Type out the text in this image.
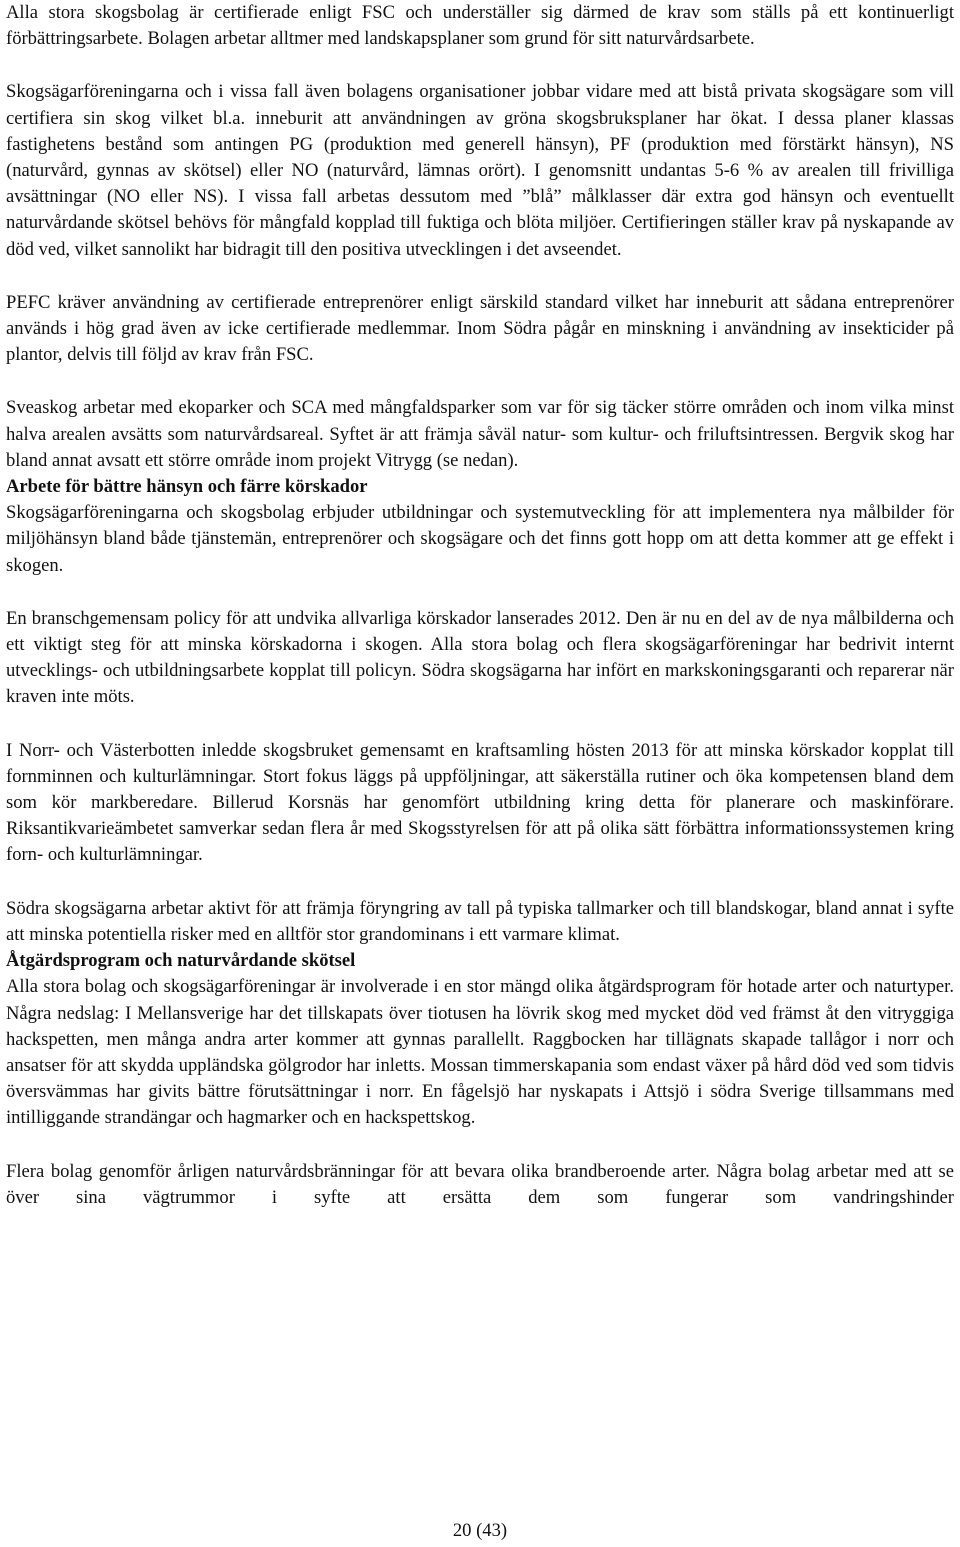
Alla stora skogsbolag är certifierade enligt FSC och underställer sig därmed de krav som ställs på ett kontinuerligt förbättringsarbete. Bolagen arbetar alltmer med landskapsplaner som grund för sitt naturvårdsarbete.

Skogsägarföreningarna och i vissa fall även bolagens organisationer jobbar vidare med att bistå privata skogsägare som vill certifiera sin skog vilket bl.a. inneburit att användningen av gröna skogsbruksplaner har ökat. I dessa planer klassas fastighetens bestånd som antingen PG (produktion med generell hänsyn), PF (produktion med förstärkt hänsyn), NS (naturvård, gynnas av skötsel) eller NO (naturvård, lämnas orört). I genomsnitt undantas 5-6 % av arealen till frivilliga avsättningar (NO eller NS). I vissa fall arbetas dessutom med ”blå” målklasser där extra god hänsyn och eventuellt naturvårdande skötsel behövs för mångfald kopplad till fuktiga och blöta miljöer. Certifieringen ställer krav på nyskapande av död ved, vilket sannolikt har bidragit till den positiva utvecklingen i det avseendet.

PEFC kräver användning av certifierade entreprenörer enligt särskild standard vilket har inneburit att sådana entreprenörer används i hög grad även av icke certifierade medlemmar. Inom Södra pågår en minskning i användning av insekticider på plantor, delvis till följd av krav från FSC.

Sveaskog arbetar med ekoparker och SCA med mångfaldsparker som var för sig täcker större områden och inom vilka minst halva arealen avsätts som naturvårdsareal. Syftet är att främja såväl natur- som kultur- och friluftsintressen. Bergvik skog har bland annat avsatt ett större område inom projekt Vitrygg (se nedan).

Arbete för bättre hänsyn och färre körskador

Skogsägarföreningarna och skogsbolag erbjuder utbildningar och systemutveckling för att implementera nya målbilder för miljöhänsyn bland både tjänstemän, entreprenörer och skogsägare och det finns gott hopp om att detta kommer att ge effekt i skogen.

En branschgemensam policy för att undvika allvarliga körskador lanserades 2012. Den är nu en del av de nya målbilderna och ett viktigt steg för att minska körskadorna i skogen. Alla stora bolag och flera skogsägarföreningar har bedrivit internt utvecklings- och utbildningsarbete kopplat till policyn. Södra skogsägarna har infört en markskoningsgaranti och reparerar när kraven inte möts.

I Norr- och Västerbotten inledde skogsbruket gemensamt en kraftsamling hösten 2013 för att minska körskador kopplat till fornminnen och kulturlämningar. Stort fokus läggs på uppföljningar, att säkerställa rutiner och öka kompetensen bland dem som kör markberedare. Billerud Korsnäs har genomfört utbildning kring detta för planerare och maskinförare. Riksantikvarieämbetet samverkar sedan flera år med Skogsstyrelsen för att på olika sätt förbättra informationssystemen kring forn- och kulturlämningar.

Södra skogsägarna arbetar aktivt för att främja föryngring av tall på typiska tallmarker och till blandskogar, bland annat i syfte att minska potentiella risker med en alltför stor grandominans i ett varmare klimat.

Åtgärdsprogram och naturvårdande skötsel

Alla stora bolag och skogsägarföreningar är involverade i en stor mängd olika åtgärdsprogram för hotade arter och naturtyper. Några nedslag: I Mellansverige har det tillskapats över tiotusen ha lövrik skog med mycket död ved främst åt den vitryggiga hackspetten, men många andra arter kommer att gynnas parallellt. Raggbocken har tillägnats skapade tallågor i norr och ansatser för att skydda uppländska gölgrodor har inletts. Mossan timmerskapania som endast växer på hård död ved som tidvis översvämmas har givits bättre förutsättningar i norr. En fågelsjö har nyskapats i Attsjö i södra Sverige tillsammans med intilliggande strandängar och hagmarker och en hackspettskog.

Flera bolag genomför årligen naturvårdsbränningar för att bevara olika brandberoende arter. Några bolag arbetar med att se över sina vägtrummor i syfte att ersätta dem som fungerar som vandringshinder

20 (43)
